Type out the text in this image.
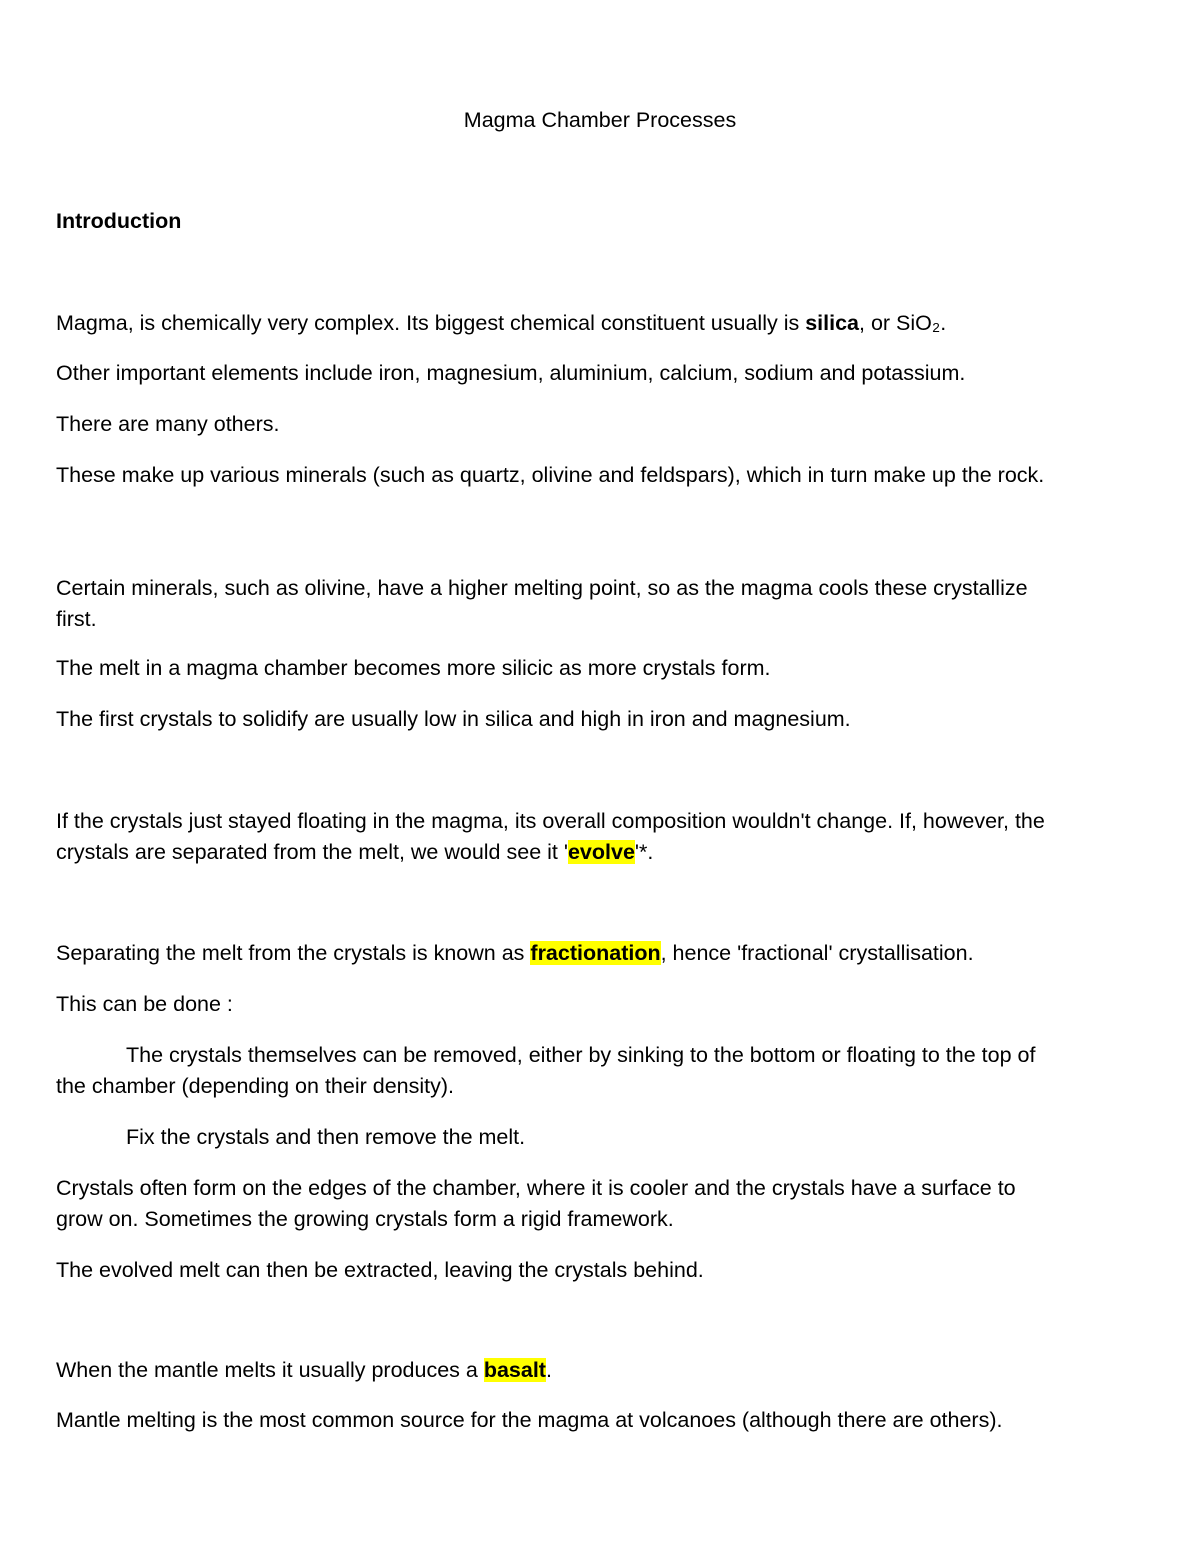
Magma Chamber Processes
Introduction
Magma, is chemically very complex. Its biggest chemical constituent usually is silica, or SiO₂.
Other important elements include iron, magnesium, aluminium, calcium, sodium and potassium.
There are many others.
These make up various minerals (such as quartz, olivine and feldspars), which in turn make up the rock.
Certain minerals, such as olivine, have a higher melting point, so as the magma cools these crystallize
first.
The melt in a magma chamber becomes more silicic as more crystals form.
The first crystals to solidify are usually low in silica and high in iron and magnesium.
If the crystals just stayed floating in the magma, its overall composition wouldn't change. If, however, the
crystals are separated from the melt, we would see it 'evolve'*.
Separating the melt from the crystals is known as fractionation, hence 'fractional' crystallisation.
This can be done :
The crystals themselves can be removed, either by sinking to the bottom or floating to the top of
the chamber (depending on their density).
Fix the crystals and then remove the melt.
Crystals often form on the edges of the chamber, where it is cooler and the crystals have a surface to
grow on. Sometimes the growing crystals form a rigid framework.
The evolved melt can then be extracted, leaving the crystals behind.
When the mantle melts it usually produces a basalt.
Mantle melting is the most common source for the magma at volcanoes (although there are others).
